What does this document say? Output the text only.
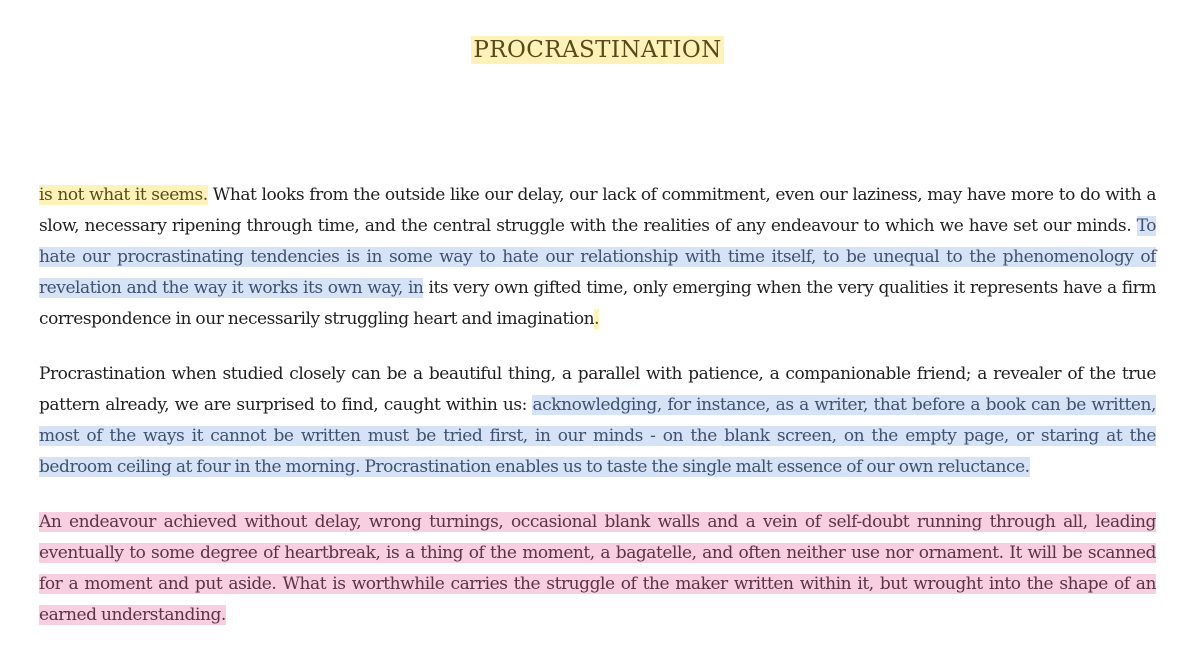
PROCRASTINATION

is not what it seems. What looks from the outside like our delay, our lack of commitment, even our laziness, may have more to do with a slow, necessary ripening through time, and the central struggle with the realities of any endeavour to which we have set our minds. To hate our procrastinating tendencies is in some way to hate our relationship with time itself, to be unequal to the phenomenology of revelation and the way it works its own way, in its very own gifted time, only emerging when the very qualities it represents have a firm correspondence in our necessarily struggling heart and imagination.

Procrastination when studied closely can be a beautiful thing, a parallel with patience, a companionable friend; a revealer of the true pattern already, we are surprised to find, caught within us: acknowledging, for instance, as a writer, that before a book can be written, most of the ways it cannot be written must be tried first, in our minds - on the blank screen, on the empty page, or staring at the bedroom ceiling at four in the morning. Procrastination enables us to taste the single malt essence of our own reluctance.

An endeavour achieved without delay, wrong turnings, occasional blank walls and a vein of self-doubt running through all, leading eventually to some degree of heartbreak, is a thing of the moment, a bagatelle, and often neither use nor ornament. It will be scanned for a moment and put aside. What is worthwhile carries the struggle of the maker written within it, but wrought into the shape of an earned understanding.
